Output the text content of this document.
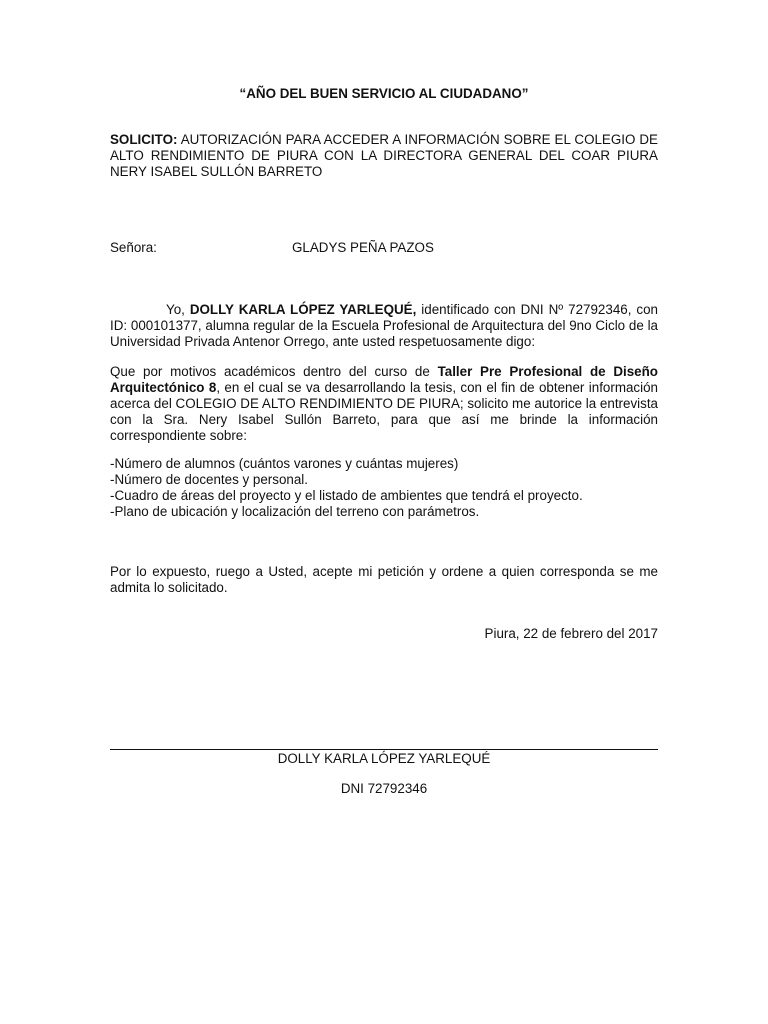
“AÑO DEL BUEN SERVICIO AL CIUDADANO”

SOLICITO: AUTORIZACIÓN PARA ACCEDER A INFORMACIÓN SOBRE EL COLEGIO DE ALTO RENDIMIENTO DE PIURA CON LA DIRECTORA GENERAL DEL COAR PIURA NERY ISABEL SULLÓN BARRETO

Señora:	GLADYS PEÑA PAZOS

Yo, DOLLY KARLA LÓPEZ YARLEQUÉ, identificado con DNI Nº 72792346, con ID: 000101377, alumna regular de la Escuela Profesional de Arquitectura del 9no Ciclo de la Universidad Privada Antenor Orrego, ante usted respetuosamente digo:

Que por motivos académicos dentro del curso de Taller Pre Profesional de Diseño Arquitectónico 8, en el cual se va desarrollando la tesis, con el fin de obtener información acerca del COLEGIO DE ALTO RENDIMIENTO DE PIURA; solicito me autorice la entrevista con la Sra. Nery Isabel Sullón Barreto, para que así me brinde la información correspondiente sobre:

-Número de alumnos (cuántos varones y cuántas mujeres)
-Número de docentes y personal.
-Cuadro de áreas del proyecto y el listado de ambientes que tendrá el proyecto.
-Plano de ubicación y localización del terreno con parámetros.

Por lo expuesto, ruego a Usted, acepte mi petición y ordene a quien corresponda se me admita lo solicitado.

Piura, 22 de febrero del 2017
DOLLY KARLA LÓPEZ YARLEQUÉ
DNI 72792346
